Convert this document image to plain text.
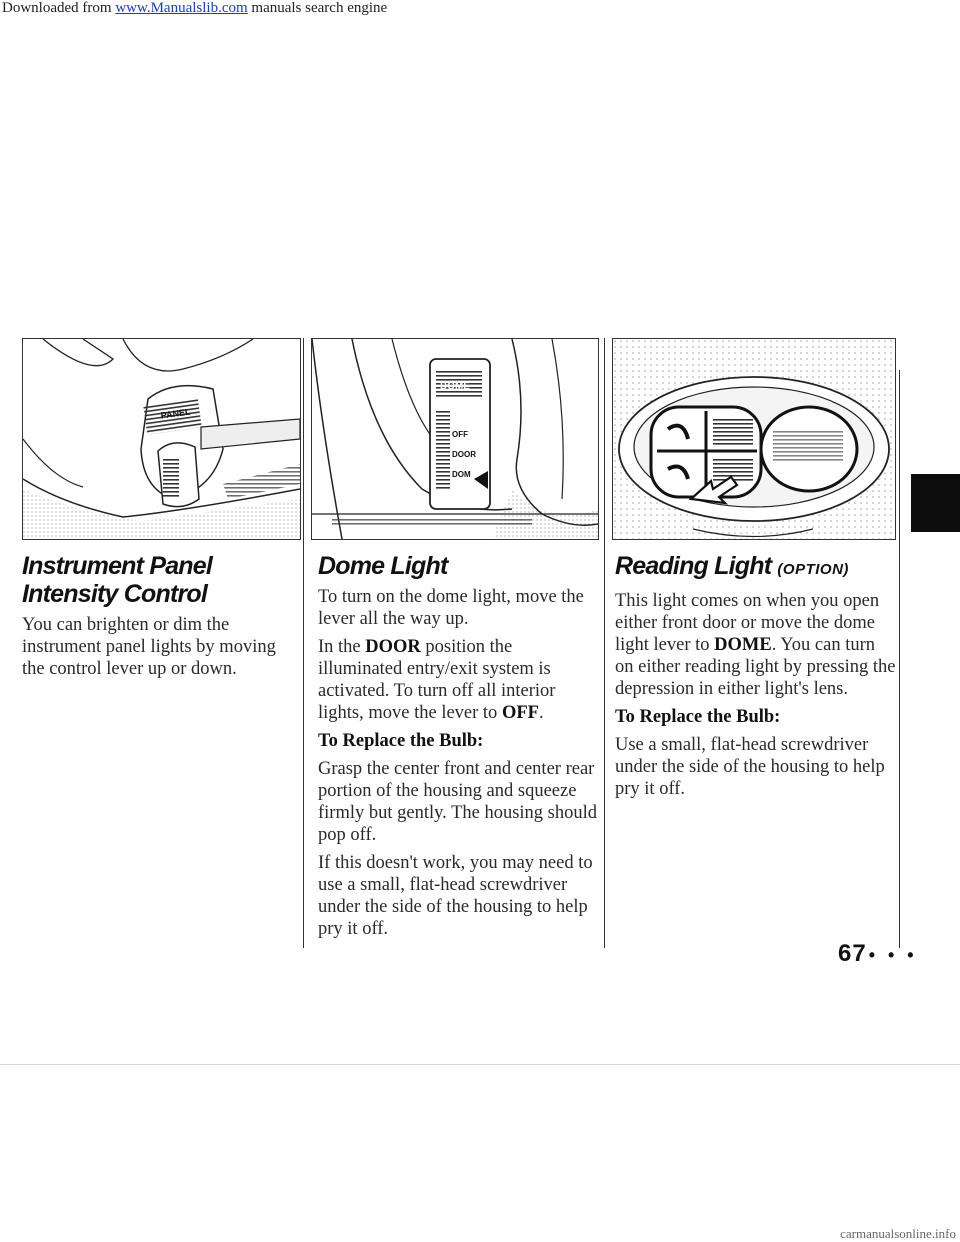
Downloaded from www.Manualslib.com manuals search engine
PANEL
DOME
OFF
DOOR
DOM
Instrument Panel Intensity Control

You can brighten or dim the instrument panel lights by moving the control lever up or down.

Dome Light

To turn on the dome light, move the lever all the way up.

In the DOOR position the illuminated entry/exit system is activated. To turn off all interior lights, move the lever to OFF.

To Replace the Bulb:

Grasp the center front and center rear portion of the housing and squeeze firmly but gently. The housing should pop off.

If this doesn't work, you may need to use a small, flat-head screwdriver under the side of the housing to help pry it off.

Reading Light (OPTION)

This light comes on when you open either front door or move the dome light lever to DOME. You can turn on either reading light by pressing the depression in either light's lens.

To Replace the Bulb:

Use a small, flat-head screwdriver under the side of the housing to help pry it off.

67 • • •
carmanualsonline.info
